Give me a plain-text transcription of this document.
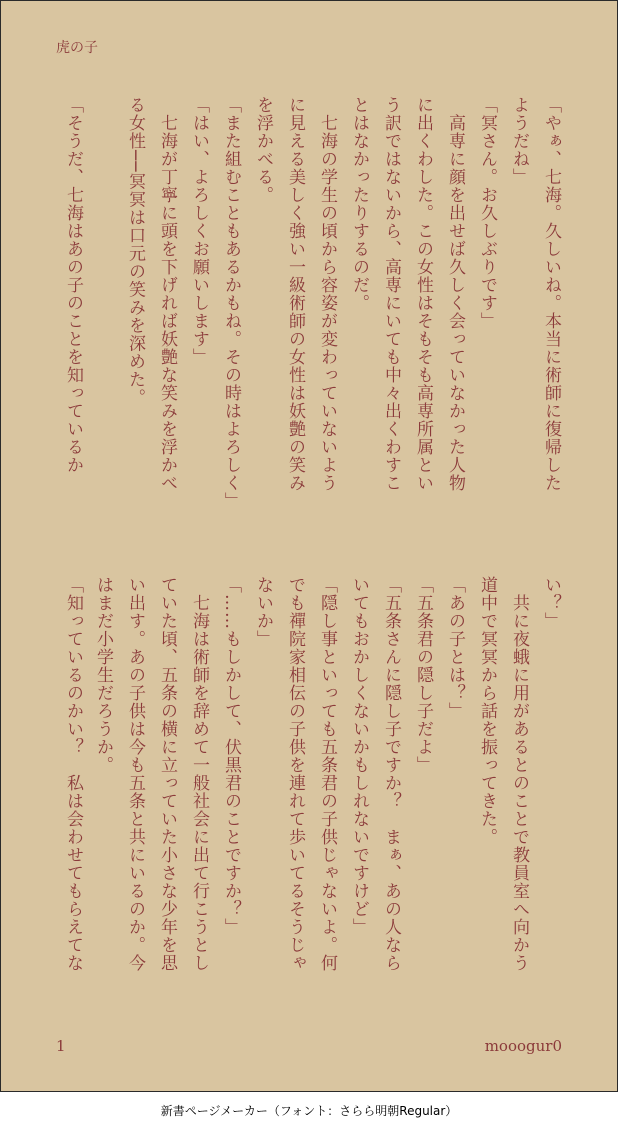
虎の子
「やぁ、七海。久しいね。本当に術師に復帰した
ようだね」
「冥さん。お久しぶりです」
　高専に顔を出せば久しく会っていなかった人物
に出くわした。この女性はそもそも高専所属とい
う訳ではないから、高専にいても中々出くわすこ
とはなかったりするのだ。
　七海の学生の頃から容姿が変わっていないよう
に見える美しく強い一級術師の女性は妖艶の笑み
を浮かべる。
「また組むこともあるかもね。その時はよろしく」
「はい、よろしくお願いします」
　七海が丁寧に頭を下げれば妖艶な笑みを浮かべ
る女性──冥冥は口元の笑みを深めた。
「そうだ、七海はあの子のことを知っているか
い？」
　共に夜蛾に用があるとのことで教員室へ向かう
道中で冥冥から話を振ってきた。
「あの子とは？」
「五条君の隠し子だよ」
「五条さんに隠し子ですか？　まぁ、あの人なら
いてもおかしくないかもしれないですけど」
「隠し事といっても五条君の子供じゃないよ。何
でも禪院家相伝の子供を連れて歩いてるそうじゃ
ないか」
「……もしかして、伏黒君のことですか？」
　七海は術師を辞めて一般社会に出て行こうとし
ていた頃、五条の横に立っていた小さな少年を思
い出す。あの子供は今も五条と共にいるのか。今
はまだ小学生だろうか。
「知っているのかい？　私は会わせてもらえてな
1	mooogur0
新書ページメーカー（フォント：さらら明朝Regular）
